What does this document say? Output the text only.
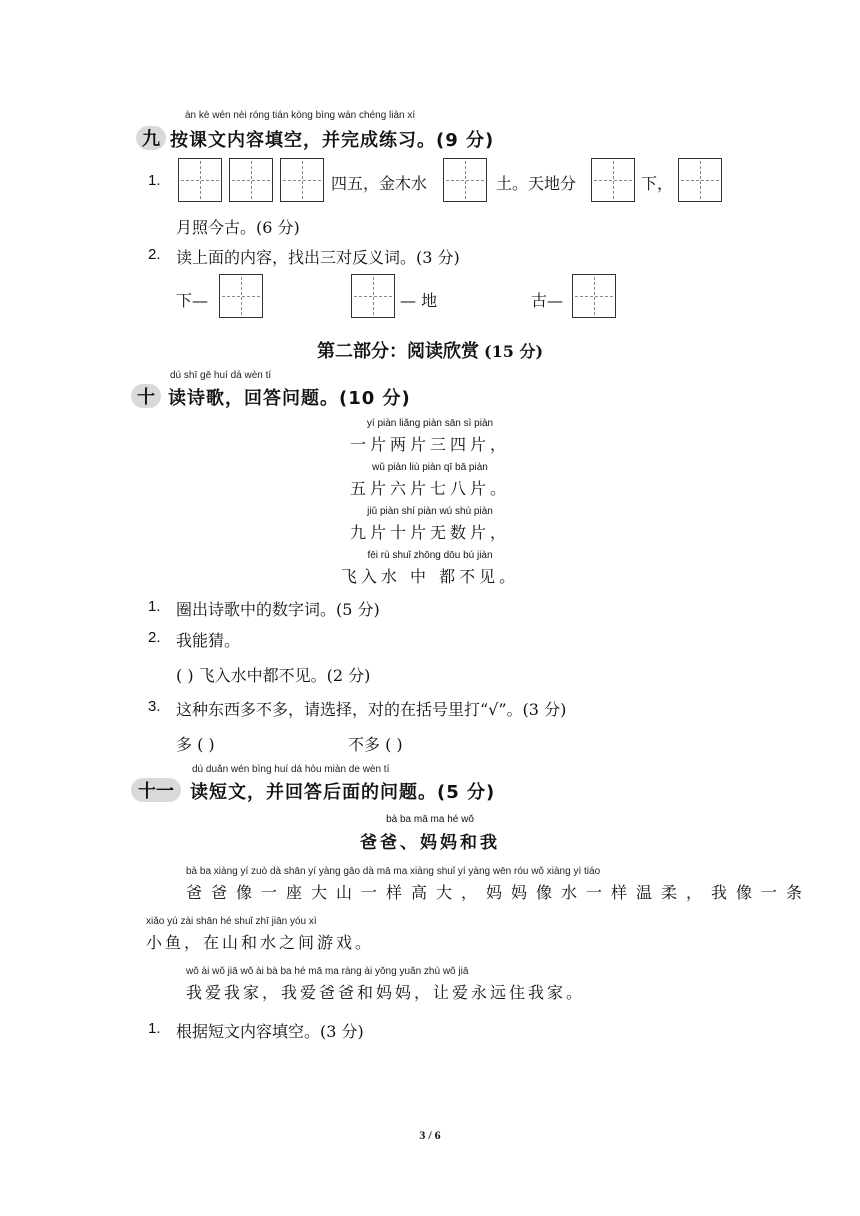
àn kè wén nèi róng tián kòng bìng wán chéng liàn xí
九 按课文内容填空，并完成练习。(9 分)
1.	四五，金木水	土。天地分	下，
月照今古。(6 分)
2. 读上面的内容，找出三对反义词。(3 分)
下—	— 地	古—
第二部分：阅读欣赏 (15 分)
dú shī gē huí dá wèn tí
十 读诗歌，回答问题。(10 分)
yí piàn liǎng piàn sān sì piàn
一片两片三四片，
wǔ piàn liù piàn qī bā piàn
五片六片七八片。
jiǔ piàn shí piàn wú shù piàn
九片十片无数片，
fēi rù shuǐ zhōng dōu bú jiàn
飞入水 中 都不见。
1. 圈出诗歌中的数字词。(5 分)
2. 我能猜。
( ) 飞入水中都不见。(2 分)
3. 这种东西多不多，请选择，对的在括号里打“√”。(3 分)
多 ( )	不多 ( )
dú duǎn wén bìng huí dá hòu miàn de wèn tí
十一 读短文，并回答后面的问题。(5 分)
bà ba mā ma hé wǒ
爸爸、妈妈和我
bà ba xiàng yí zuò dà shān yí yàng gāo dà mā ma xiàng shuǐ yí yàng wēn róu wǒ xiàng yì tiáo
爸爸像一座大山一样高大，妈妈像水一样温柔，我像一条
xiǎo yú zài shān hé shuǐ zhī jiān yóu xì
小鱼，在山和水之间游戏。
wǒ ài wǒ jiā wǒ ài bà ba hé mā ma ràng ài yǒng yuǎn zhù wǒ jiā
我爱我家，我爱爸爸和妈妈，让爱永远住我家。
1. 根据短文内容填空。(3 分)
3 / 6
